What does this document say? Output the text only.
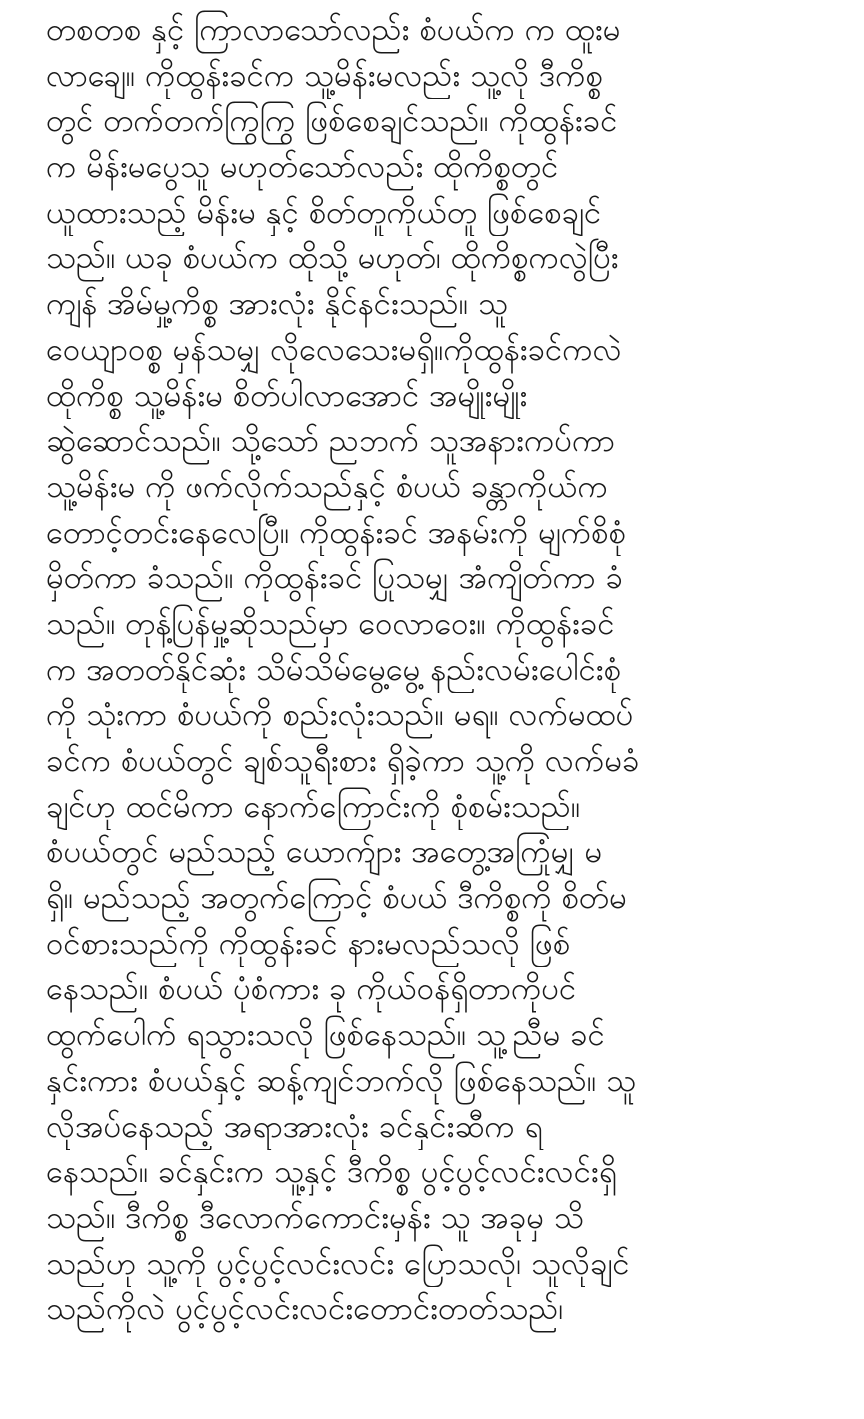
တစတစ နှင့် ကြာလာသော်လည်း စံပယ်က က ထူးမ
လာချေ။ ကိုထွန်းခင်က သူ့မိန်းမလည်း သူ့လို ဒီကိစ္စ
တွင် တက်တက်ကြွကြွ ဖြစ်စေချင်သည်။ ကိုထွန်းခင်
က မိန်းမပွေသူ မဟုတ်သော်လည်း ထိုကိစ္စတွင်
ယူထားသည့် မိန်းမ နှင့် စိတ်တူကိုယ်တူ ဖြစ်စေချင်
သည်။ ယခု စံပယ်က ထိုသို့ မဟုတ်၊ ထိုကိစ္စကလွဲပြီး
ကျန် အိမ်မှု့ကိစ္စ အားလုံး နိုင်နင်းသည်။ သူ
ဝေယျာဝစ္စ မှန်သမျှ လိုလေသေးမရှိ။ကိုထွန်းခင်ကလဲ
ထိုကိစ္စ သူ့မိန်းမ စိတ်ပါလာအောင် အမျိုးမျိုး
ဆွဲဆောင်သည်။ သို့သော် ညဘက် သူအနားကပ်ကာ
သူ့မိန်းမ ကို ဖက်လိုက်သည်နှင့် စံပယ် ခန္တာကိုယ်က
တောင့်တင်းနေလေပြီ။ ကိုထွန်းခင် အနမ်းကို မျက်စိစုံ
မှိတ်ကာ ခံသည်။ ကိုထွန်းခင် ပြုသမျှ အံကျိတ်ကာ ခံ
သည်။ တုန့်ပြန်မှု့ဆိုသည်မှာ ဝေလာဝေး။ ကိုထွန်းခင်
က အတတ်နိုင်ဆုံး သိမ်သိမ်မွေ့မွေ့ နည်းလမ်းပေါင်းစုံ
ကို သုံးကာ စံပယ်ကို စည်းလုံးသည်။ မရ။ လက်မထပ်
ခင်က စံပယ်တွင် ချစ်သူရီးစား ရှိခဲ့ကာ သူ့ကို လက်မခံ
ချင်ဟု ထင်မိကာ နောက်ကြောင်းကို စုံစမ်းသည်။
စံပယ်တွင် မည်သည့် ယောက်ျား အတွေ့အကြုံမျှ မ
ရှိ။ မည်သည့် အတွက်ကြောင့် စံပယ် ဒီကိစ္စကို စိတ်မ
ဝင်စားသည်ကို ကိုထွန်းခင် နားမလည်သလို ဖြစ်
နေသည်။ စံပယ် ပုံစံကား ခု ကိုယ်ဝန်ရှိတာကိုပင်
ထွက်ပေါက် ရသွားသလို ဖြစ်နေသည်။ သူ့ညီမ ခင်
နှင်းကား စံပယ်နှင့် ဆန့်ကျင်ဘက်လို ဖြစ်နေသည်။ သူ
လိုအပ်နေသည့် အရာအားလုံး ခင်နှင်းဆီက ရ
နေသည်။ ခင်နှင်းက သူ့နှင့် ဒီကိစ္စ ပွင့်ပွင့်လင်းလင်းရှိ
သည်။ ဒီကိစ္စ ဒီလောက်ကောင်းမှန်း သူ အခုမှ သိ
သည်ဟု သူ့ကို ပွင့်ပွင့်လင်းလင်း ပြောသလို၊ သူလိုချင်
သည်ကိုလဲ ပွင့်ပွင့်လင်းလင်းတောင်းတတ်သည်၊
